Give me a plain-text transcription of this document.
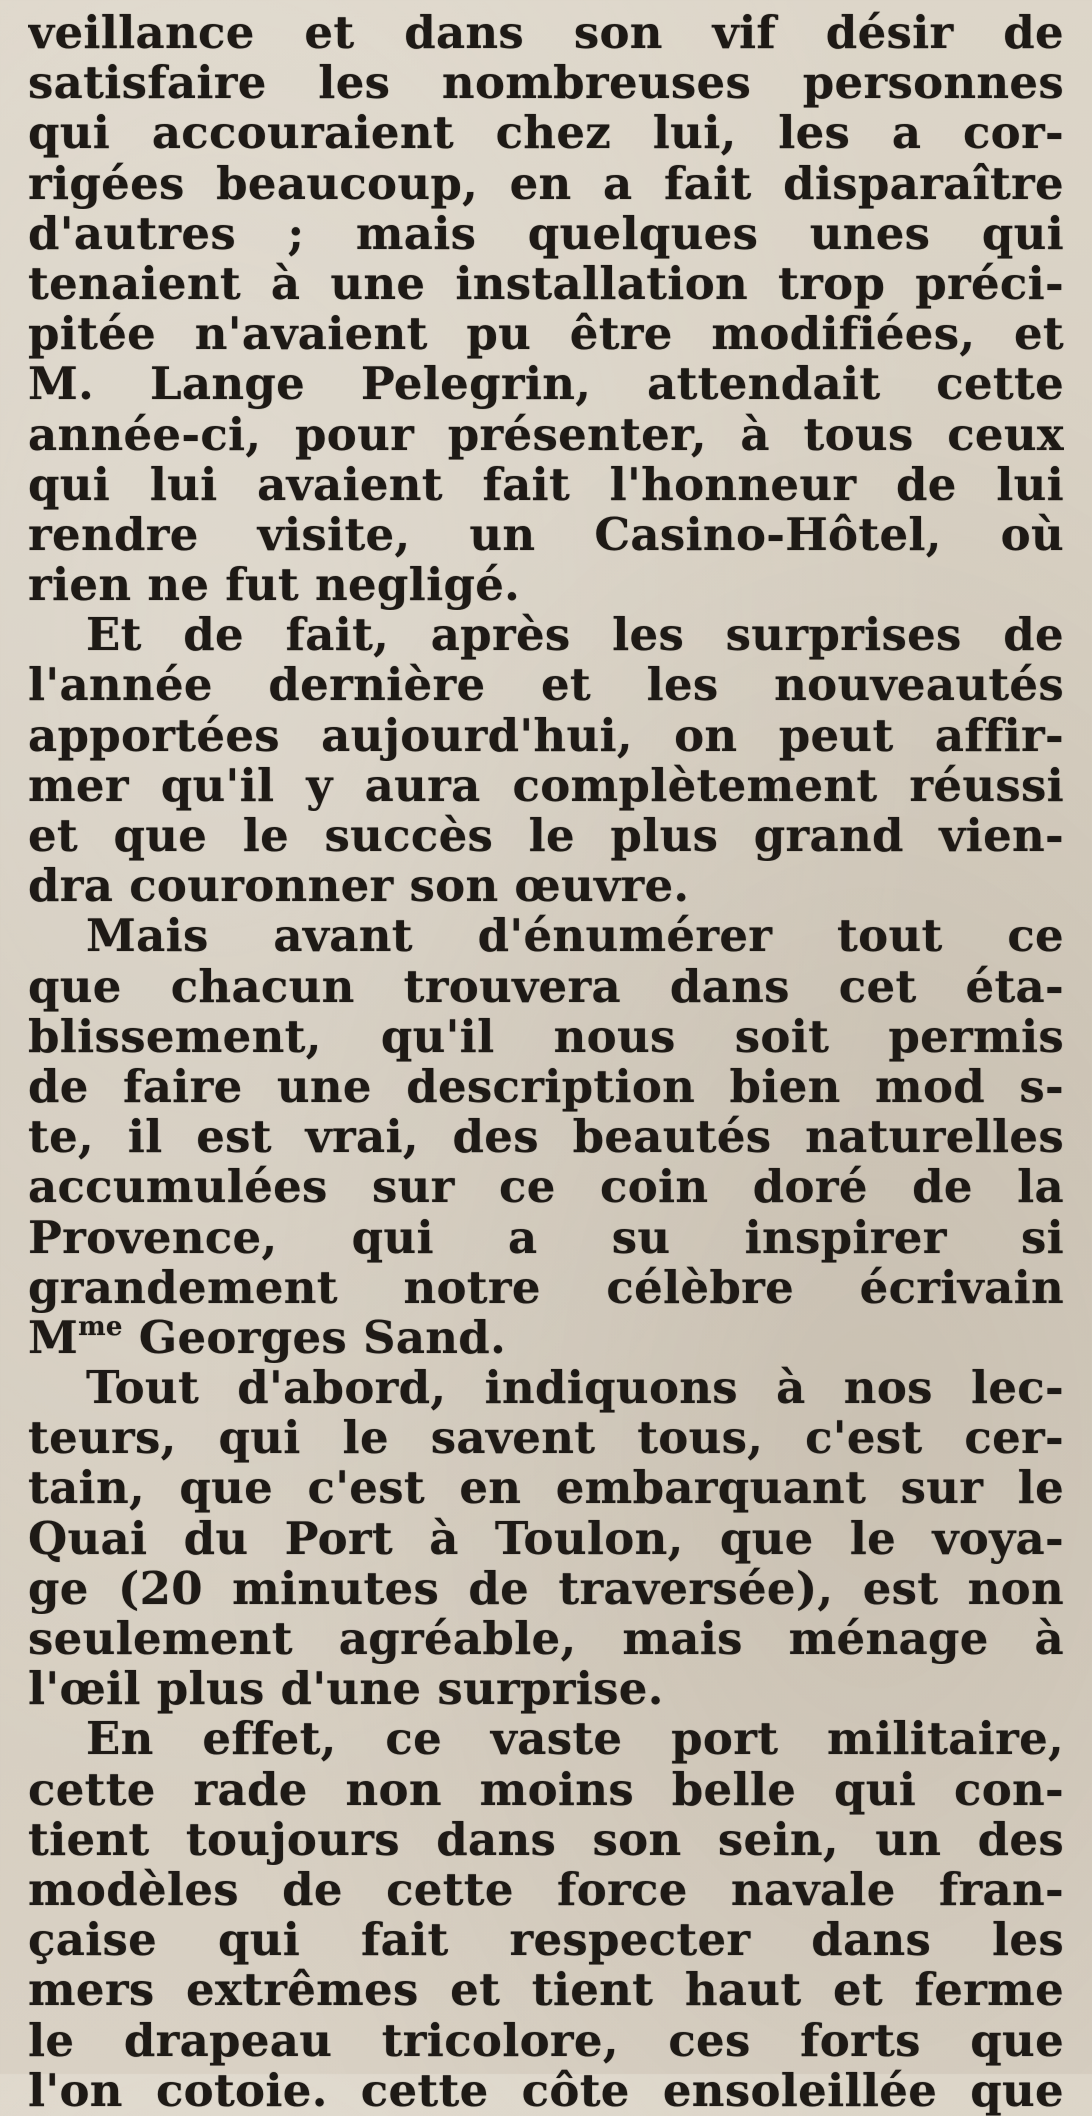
veillance et dans son vif désir de
satisfaire les nombreuses personnes
qui accouraient chez lui, les a cor-
rigées beaucoup, en a fait disparaître
d'autres ; mais quelques unes qui
tenaient à une installation trop préci-
pitée n'avaient pu être modifiées, et
M. Lange Pelegrin, attendait cette
année-ci, pour présenter, à tous ceux
qui lui avaient fait l'honneur de lui
rendre visite, un Casino-Hôtel, où
rien ne fut negligé.
Et de fait, après les surprises de
l'année dernière et les nouveautés
apportées aujourd'hui, on peut affir-
mer qu'il y aura complètement réussi
et que le succès le plus grand vien-
dra couronner son œuvre.
Mais avant d'énumérer tout ce
que chacun trouvera dans cet éta-
blissement, qu'il nous soit permis
de faire une description bien mod s-
te, il est vrai, des beautés naturelles
accumulées sur ce coin doré de la
Provence, qui a su inspirer si
grandement notre célèbre écrivain
$M^{me}$ Georges Sand.
Tout d'abord, indiquons à nos lec-
teurs, qui le savent tous, c'est cer-
tain, que c'est en embarquant sur le
Quai du Port à Toulon, que le voya-
ge (20 minutes de traversée), est non
seulement agréable, mais ménage à
l'œil plus d'une surprise.
En effet, ce vaste port militaire,
cette rade non moins belle qui con-
tient toujours dans son sein, un des
modèles de cette force navale fran-
çaise qui fait respecter dans les
mers extrêmes et tient haut et ferme
le drapeau tricolore, ces forts que
l'on cotoie. cette côte ensoleillée que
